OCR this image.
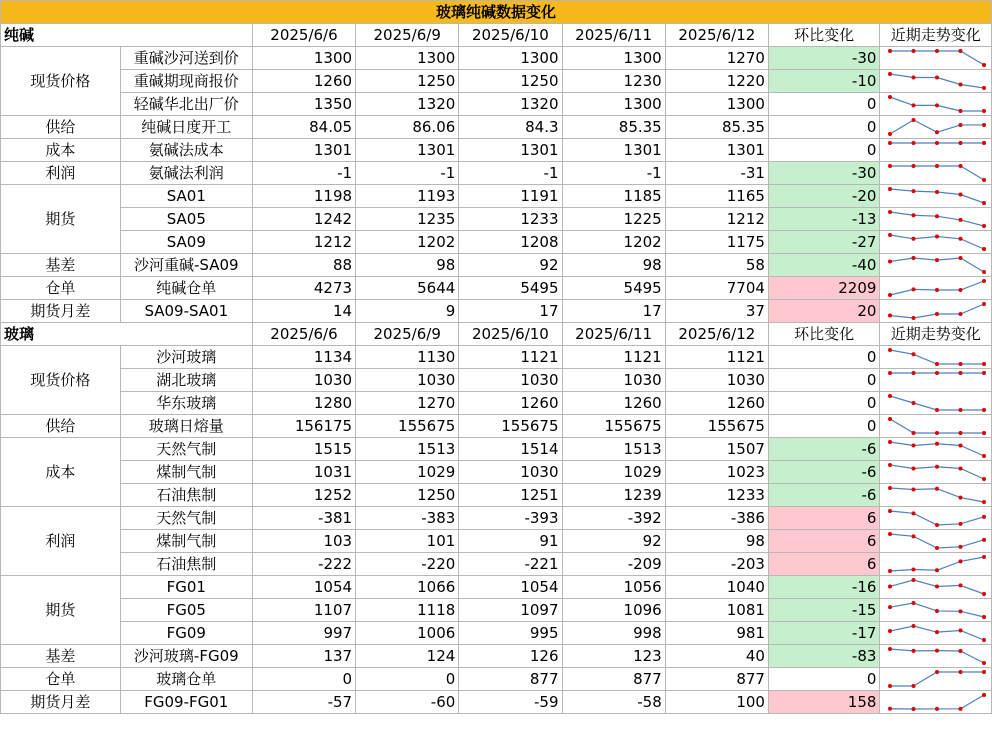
玻璃纯碱数据变化								
纯碱		2025/6/6	2025/6/9	2025/6/10	2025/6/11	2025/6/12	环比变化	近期走势变化
现货价格	重碱沙河送到价	1300	1300	1300	1300	1270	-30	

	重碱期现商报价	1260	1250	1250	1230	1220	-10	

	轻碱华北出厂价	1350	1320	1320	1300	1300	0	

供给	纯碱日度开工	84.05	86.06	84.3	85.35	85.35	0	

成本	氨碱法成本	1301	1301	1301	1301	1301	0	

利润	氨碱法利润	-1	-1	-1	-1	-31	-30	

期货	SA01	1198	1193	1191	1185	1165	-20	

	SA05	1242	1235	1233	1225	1212	-13	

	SA09	1212	1202	1208	1202	1175	-27	

基差	沙河重碱-SA09	88	98	92	98	58	-40	

仓单	纯碱仓单	4273	5644	5495	5495	7704	2209	

期货月差	SA09-SA01	14	9	17	17	37	20	

玻璃		2025/6/6	2025/6/9	2025/6/10	2025/6/11	2025/6/12	环比变化	近期走势变化
现货价格	沙河玻璃	1134	1130	1121	1121	1121	0	

	湖北玻璃	1030	1030	1030	1030	1030	0	

	华东玻璃	1280	1270	1260	1260	1260	0	

供给	玻璃日熔量	156175	155675	155675	155675	155675	0	

成本	天然气制	1515	1513	1514	1513	1507	-6	

	煤制气制	1031	1029	1030	1029	1023	-6	

	石油焦制	1252	1250	1251	1239	1233	-6	

利润	天然气制	-381	-383	-393	-392	-386	6	

	煤制气制	103	101	91	92	98	6	

	石油焦制	-222	-220	-221	-209	-203	6	

期货	FG01	1054	1066	1054	1056	1040	-16	

	FG05	1107	1118	1097	1096	1081	-15	

	FG09	997	1006	995	998	981	-17	

基差	沙河玻璃-FG09	137	124	126	123	40	-83	

仓单	玻璃仓单	0	0	877	877	877	0	

期货月差	FG09-FG01	-57	-60	-59	-58	100	158	
